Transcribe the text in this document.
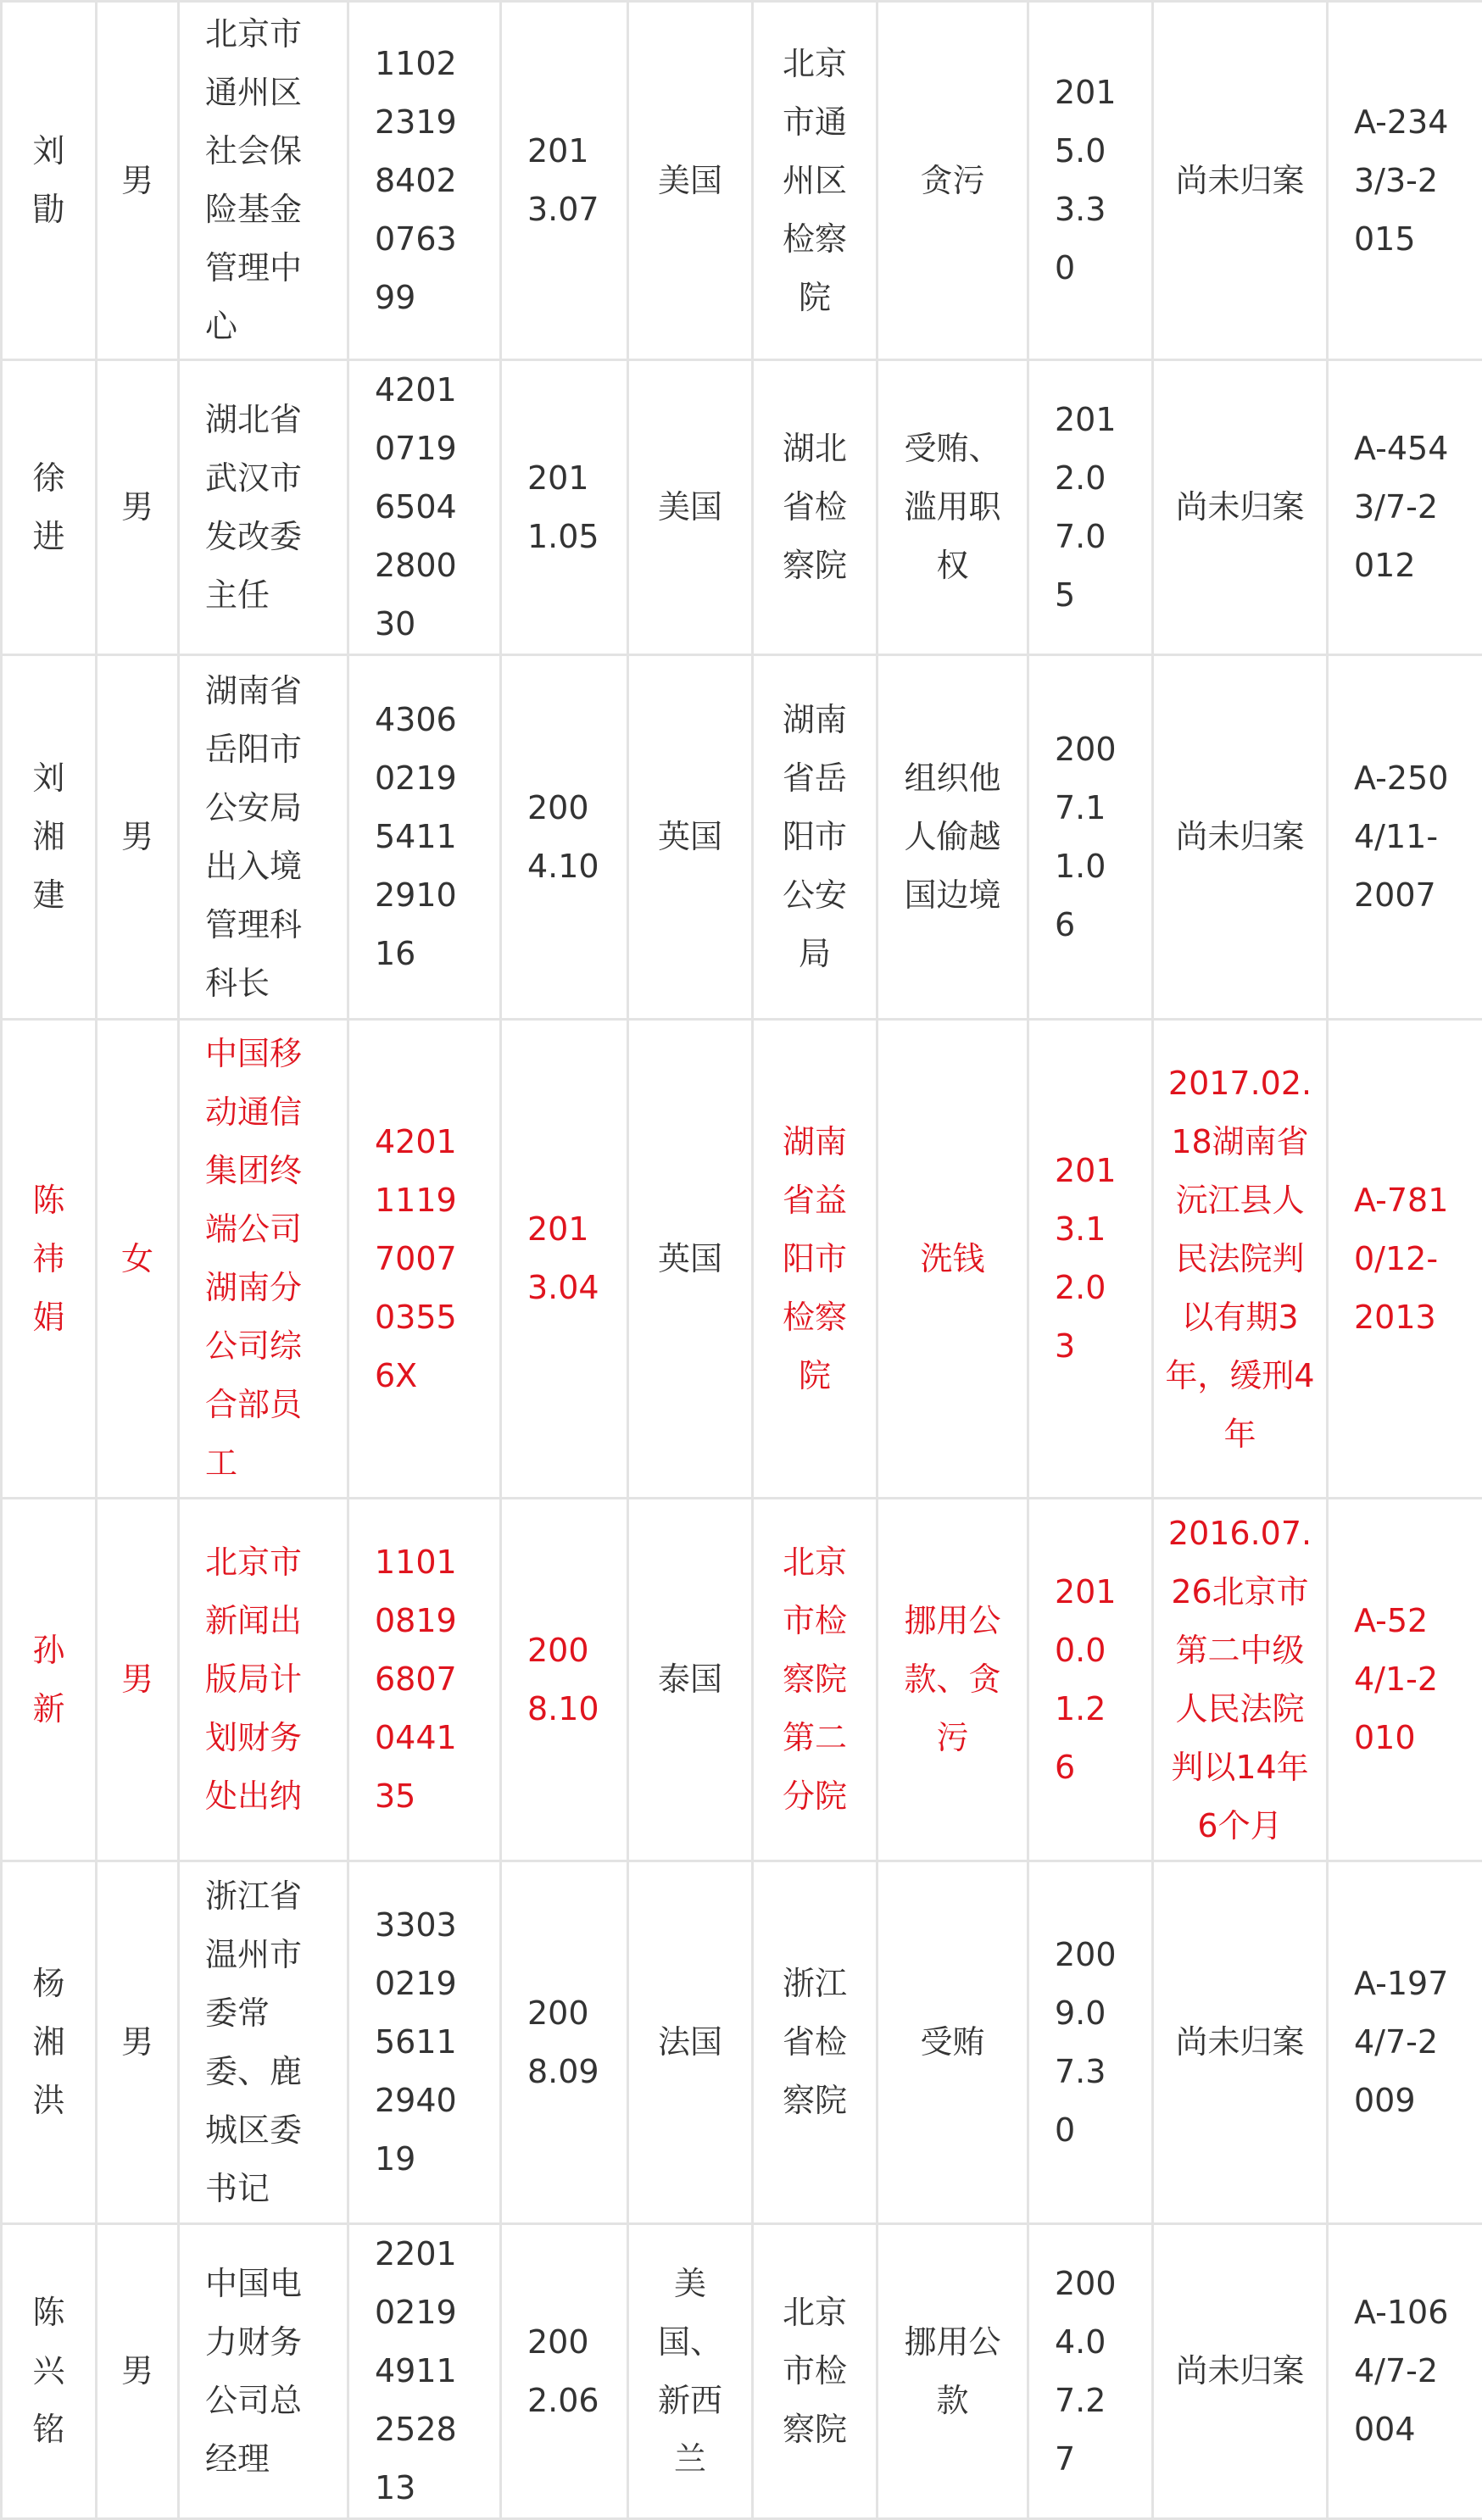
刘勖	男	北京市通州区社会保险基金管理中心	110223198402076399	2013.07	美国	北京市通州区检察院	贪污	2015.03.30	尚未归案	A-2343/3-2015
徐进	男	湖北省武汉市发改委主任	420107196504280030	2011.05	美国	湖北省检察院	受贿、滥用职权	2012.07.05	尚未归案	A-4543/7-2012
刘湘建	男	湖南省岳阳市公安局出入境管理科科长	430602195411291016	2004.10	英国	湖南省岳阳市公安局	组织他人偷越国边境	2007.11.06	尚未归案	A-2504/11-2007
陈祎娟	女	中国移动通信集团终端公司湖南分公司综合部员工	42011119700703556X	2013.04	英国	湖南省益阳市检察院	洗钱	2013.12.03	2017.02.18湖南省沅江县人民法院判以有期3年，缓刑4年	A-7810/12-2013
孙新	男	北京市新闻出版局计划财务处出纳	110108196807044135	2008.10	泰国	北京市检察院第二分院	挪用公款、贪污	2010.01.26	2016.07.26北京市第二中级人民法院判以14年6个月	A-524/1-2010
杨湘洪	男	浙江省温州市委常委、鹿城区委书记	330302195611294019	2008.09	法国	浙江省检察院	受贿	2009.07.30	尚未归案	A-1974/7-2009
陈兴铭	男	中国电力财务公司总经理	220102194911252813	2002.06	美国、新西兰	北京市检察院	挪用公款	2004.07.27	尚未归案	A-1064/7-2004
